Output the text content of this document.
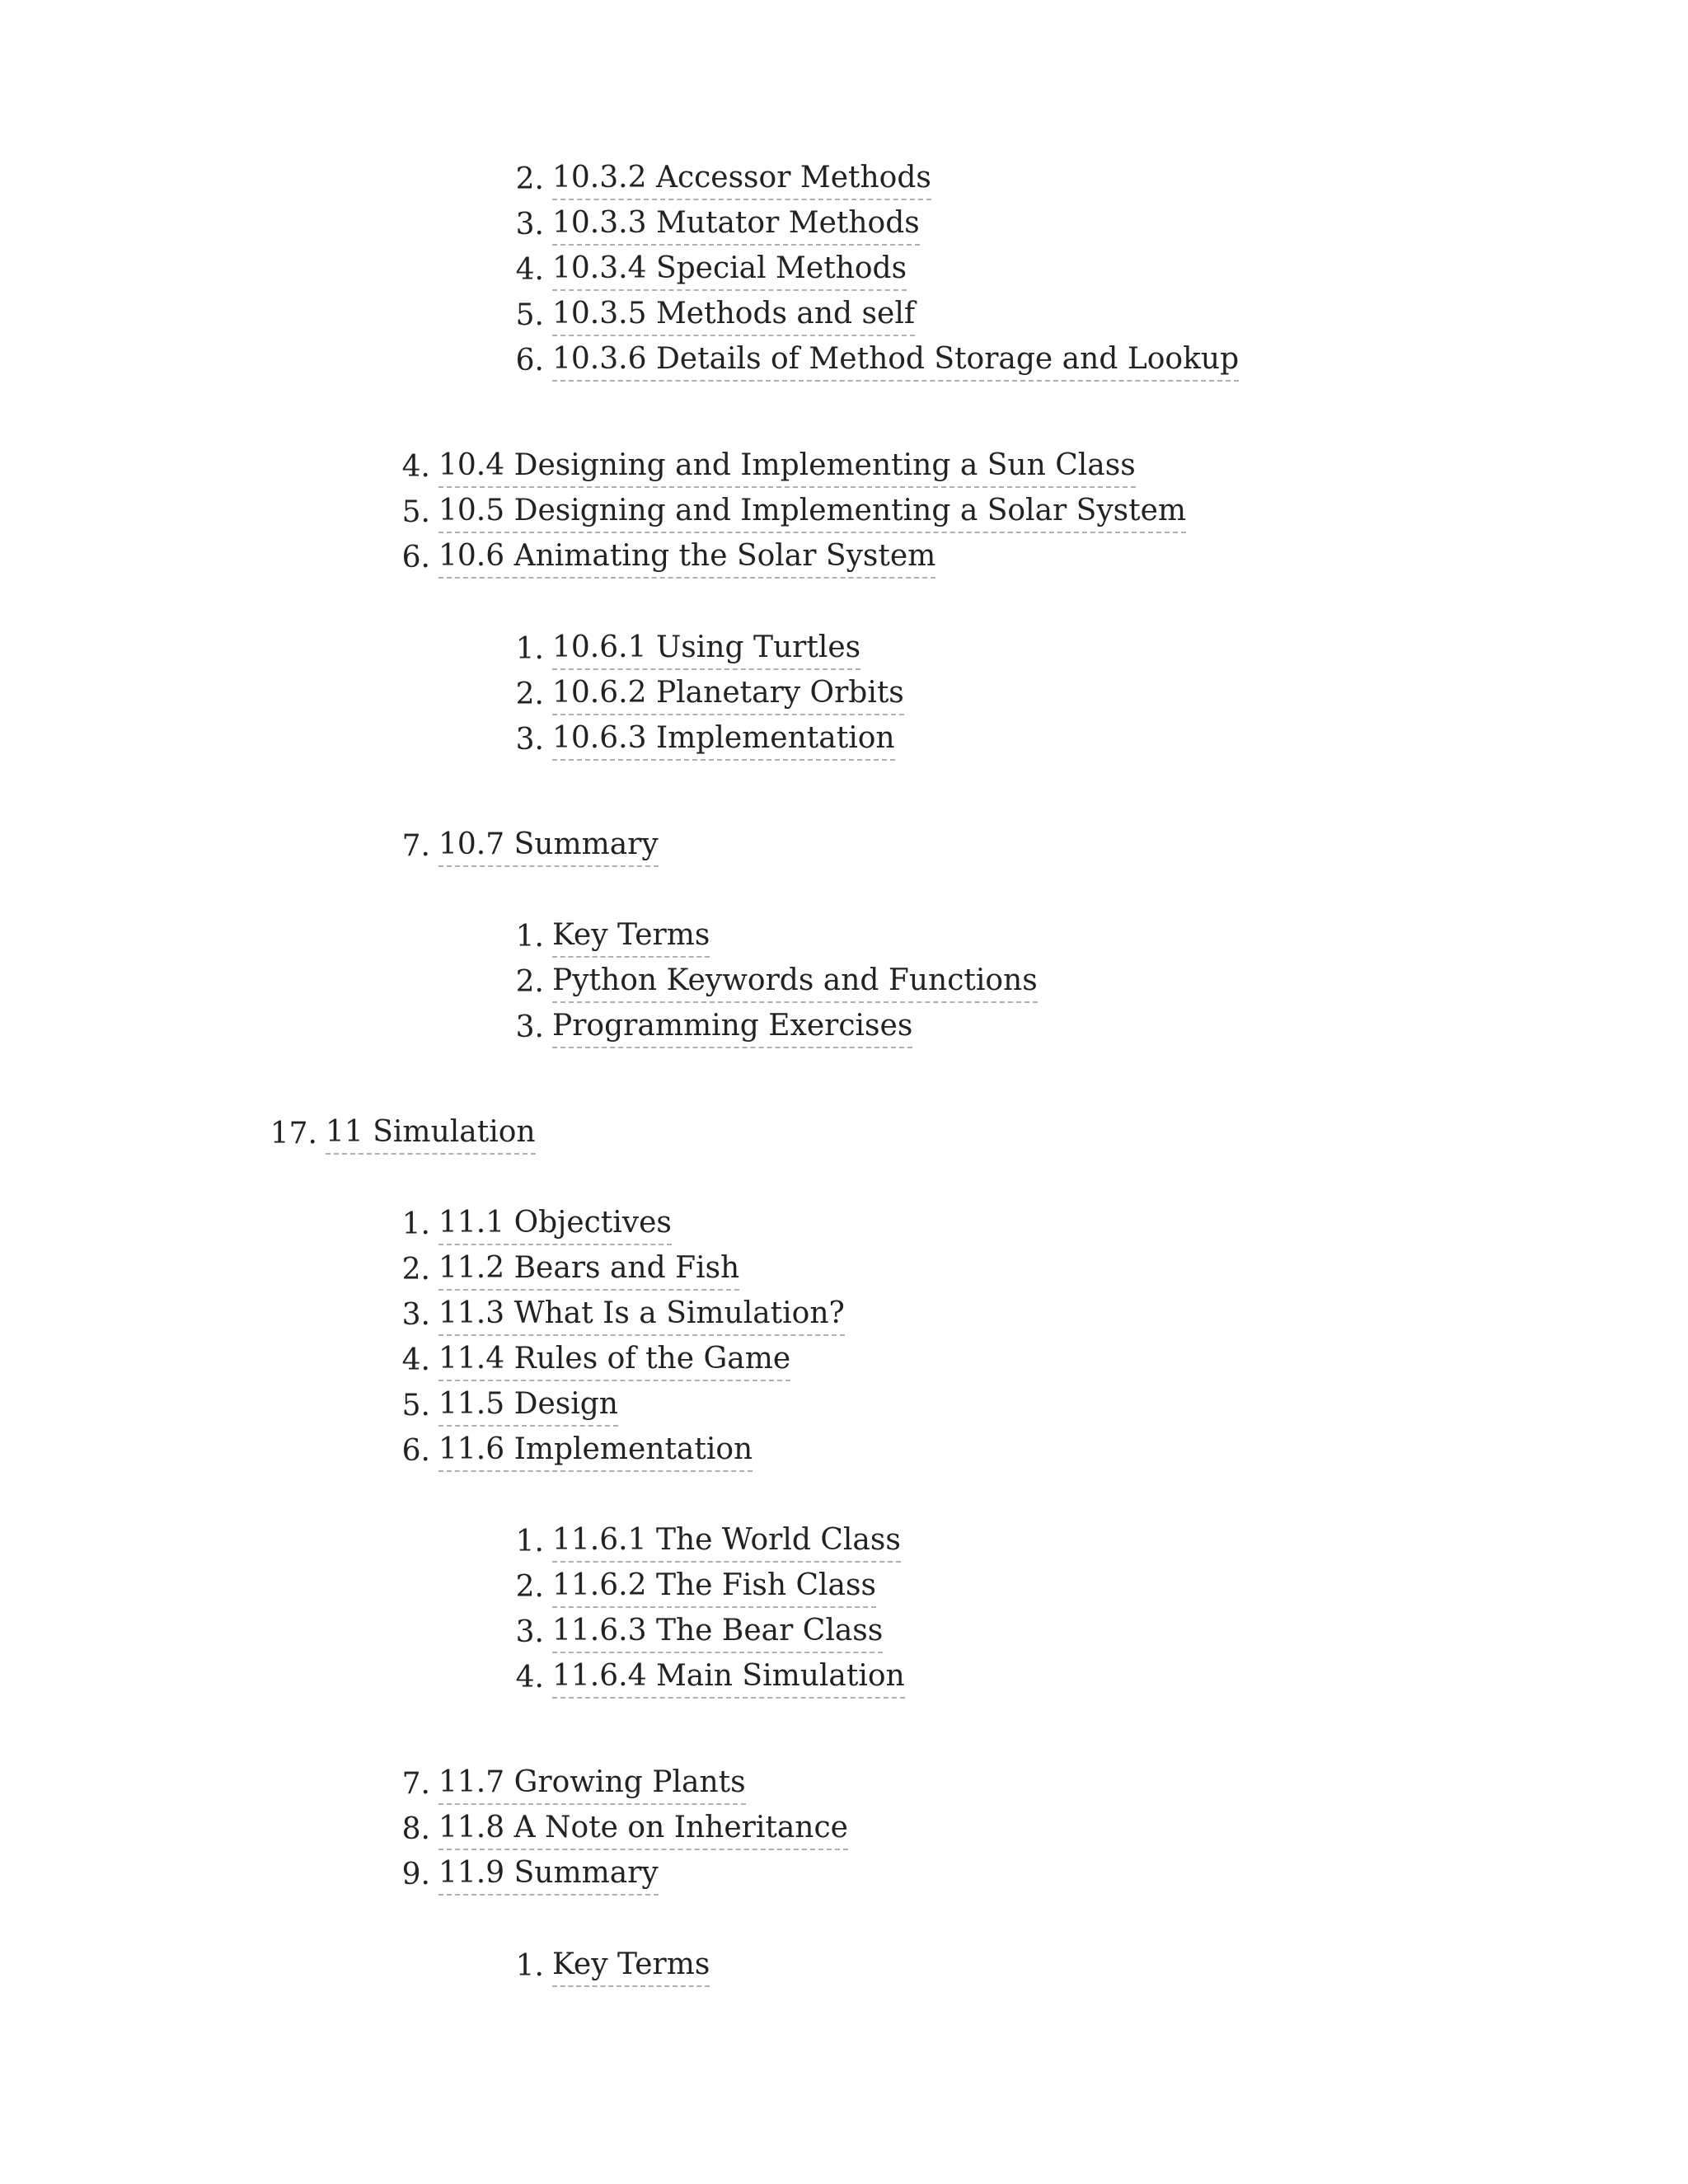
2. 10.3.2 Accessor Methods
3. 10.3.3 Mutator Methods
4. 10.3.4 Special Methods
5. 10.3.5 Methods and self
6. 10.3.6 Details of Method Storage and Lookup
4. 10.4 Designing and Implementing a Sun Class
5. 10.5 Designing and Implementing a Solar System
6. 10.6 Animating the Solar System
1. 10.6.1 Using Turtles
2. 10.6.2 Planetary Orbits
3. 10.6.3 Implementation
7. 10.7 Summary
1. Key Terms
2. Python Keywords and Functions
3. Programming Exercises
17. 11 Simulation
1. 11.1 Objectives
2. 11.2 Bears and Fish
3. 11.3 What Is a Simulation?
4. 11.4 Rules of the Game
5. 11.5 Design
6. 11.6 Implementation
1. 11.6.1 The World Class
2. 11.6.2 The Fish Class
3. 11.6.3 The Bear Class
4. 11.6.4 Main Simulation
7. 11.7 Growing Plants
8. 11.8 A Note on Inheritance
9. 11.9 Summary
1. Key Terms
